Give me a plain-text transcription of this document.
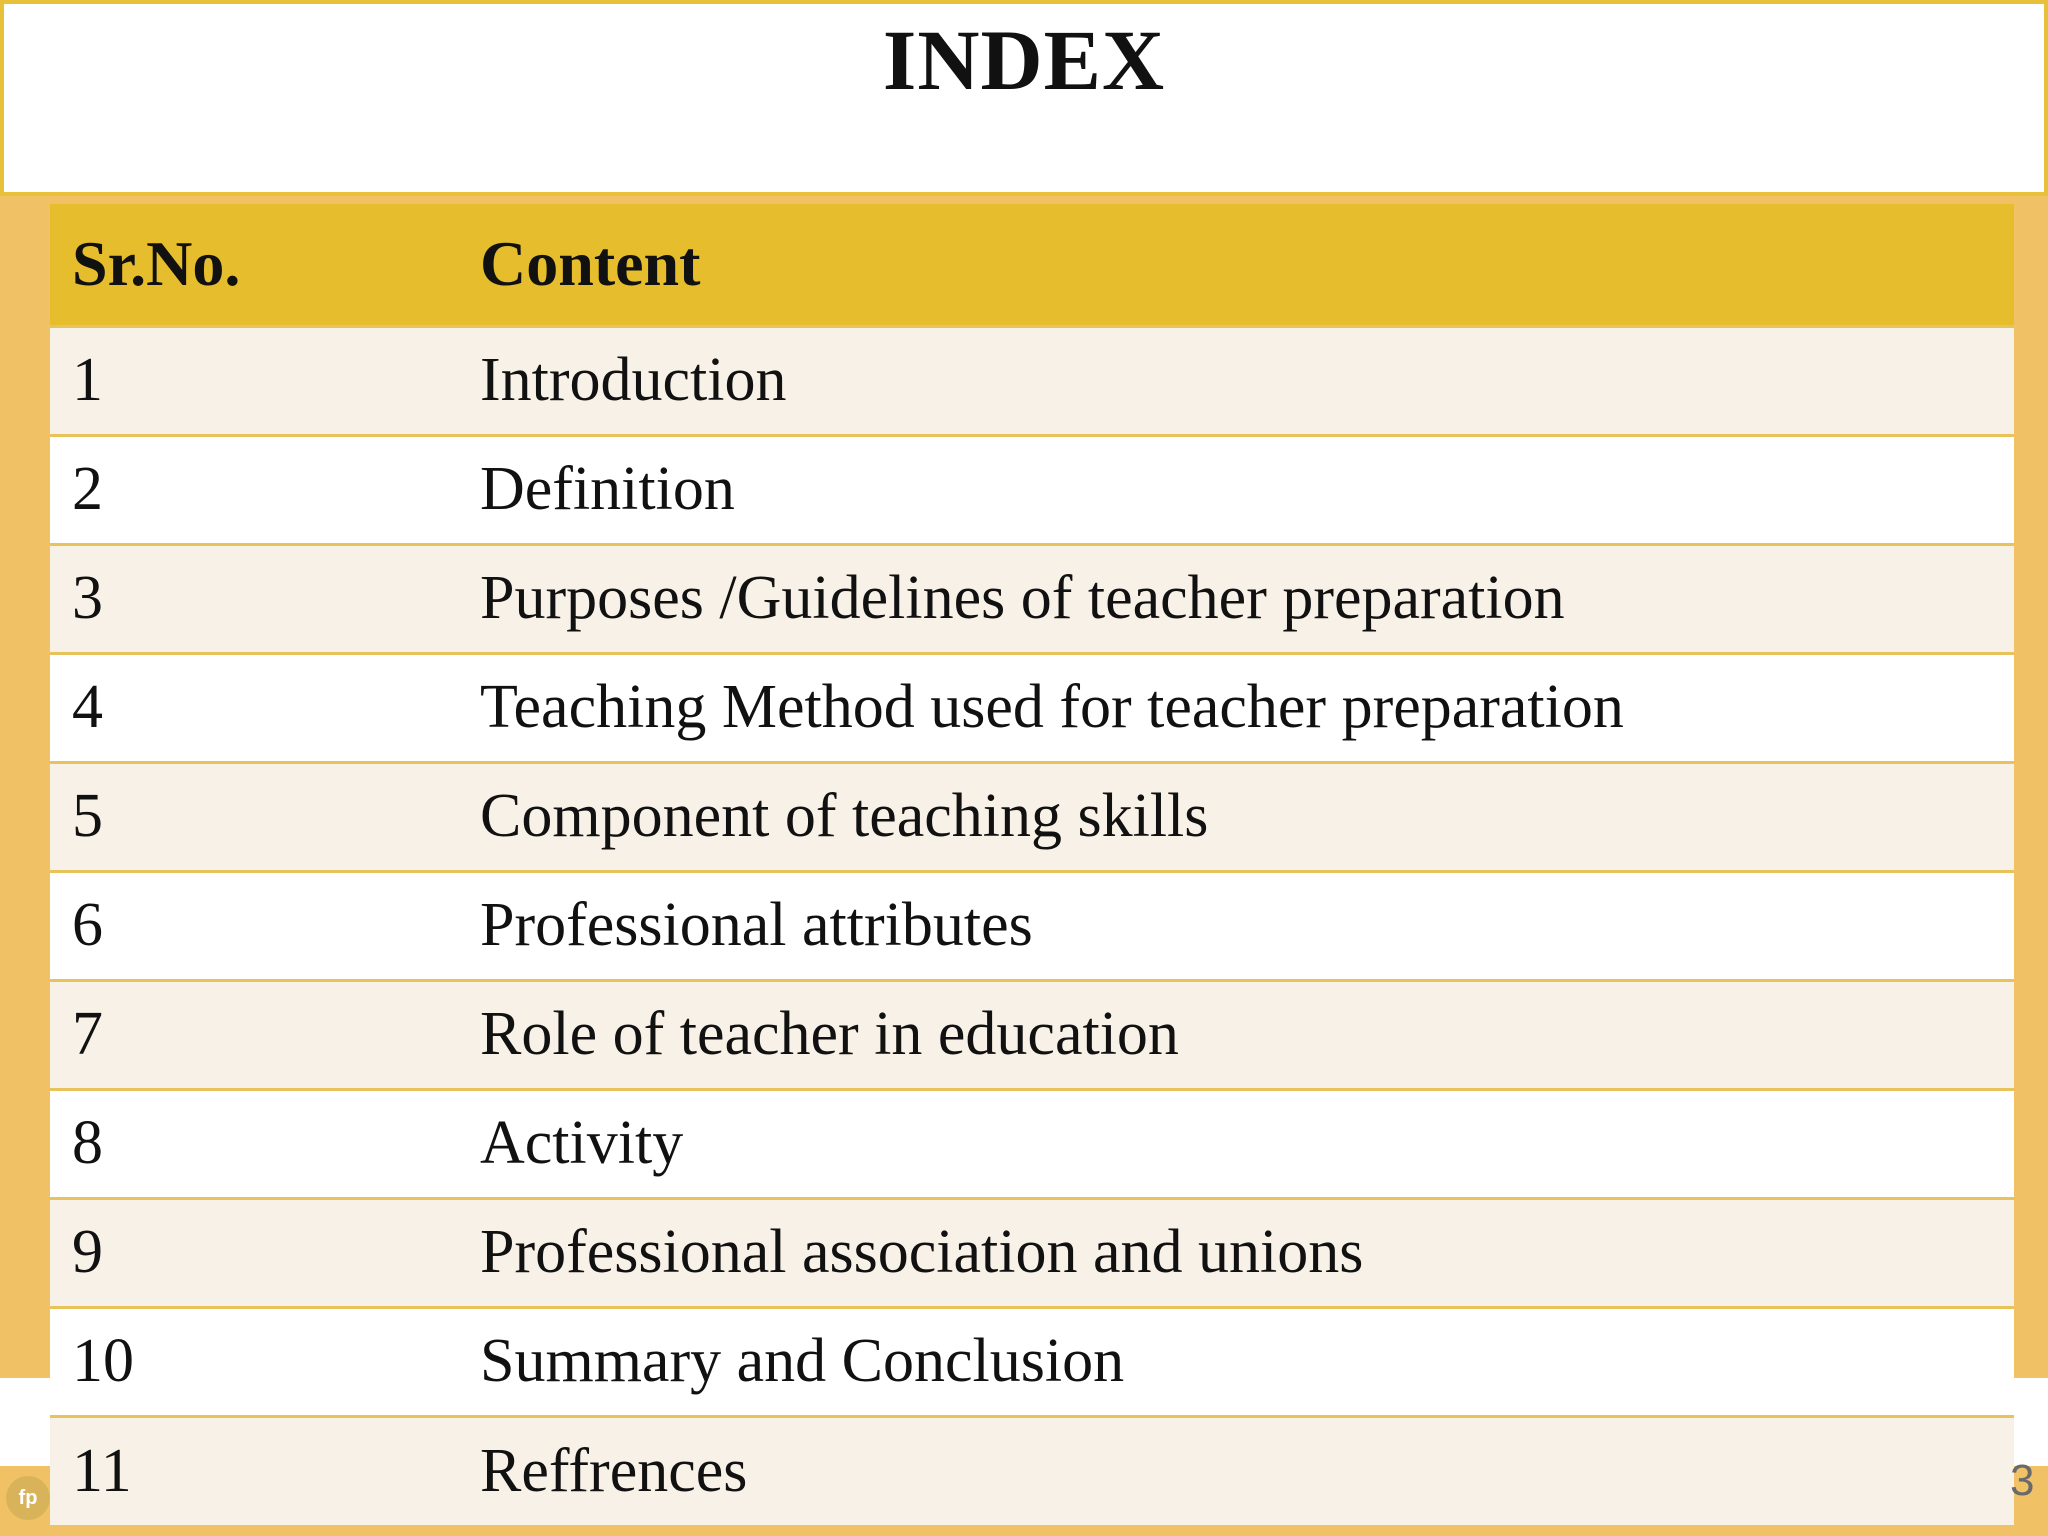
INDEX
Sr.No.	Content
1	Introduction
2	Definition
3	Purposes /Guidelines of teacher preparation
4	Teaching Method used for teacher preparation
5	Component of teaching skills
6	Professional attributes
7	Role of teacher in education
8	Activity
9	Professional association and unions
10	Summary and Conclusion
11	Reffrences
fp	3
